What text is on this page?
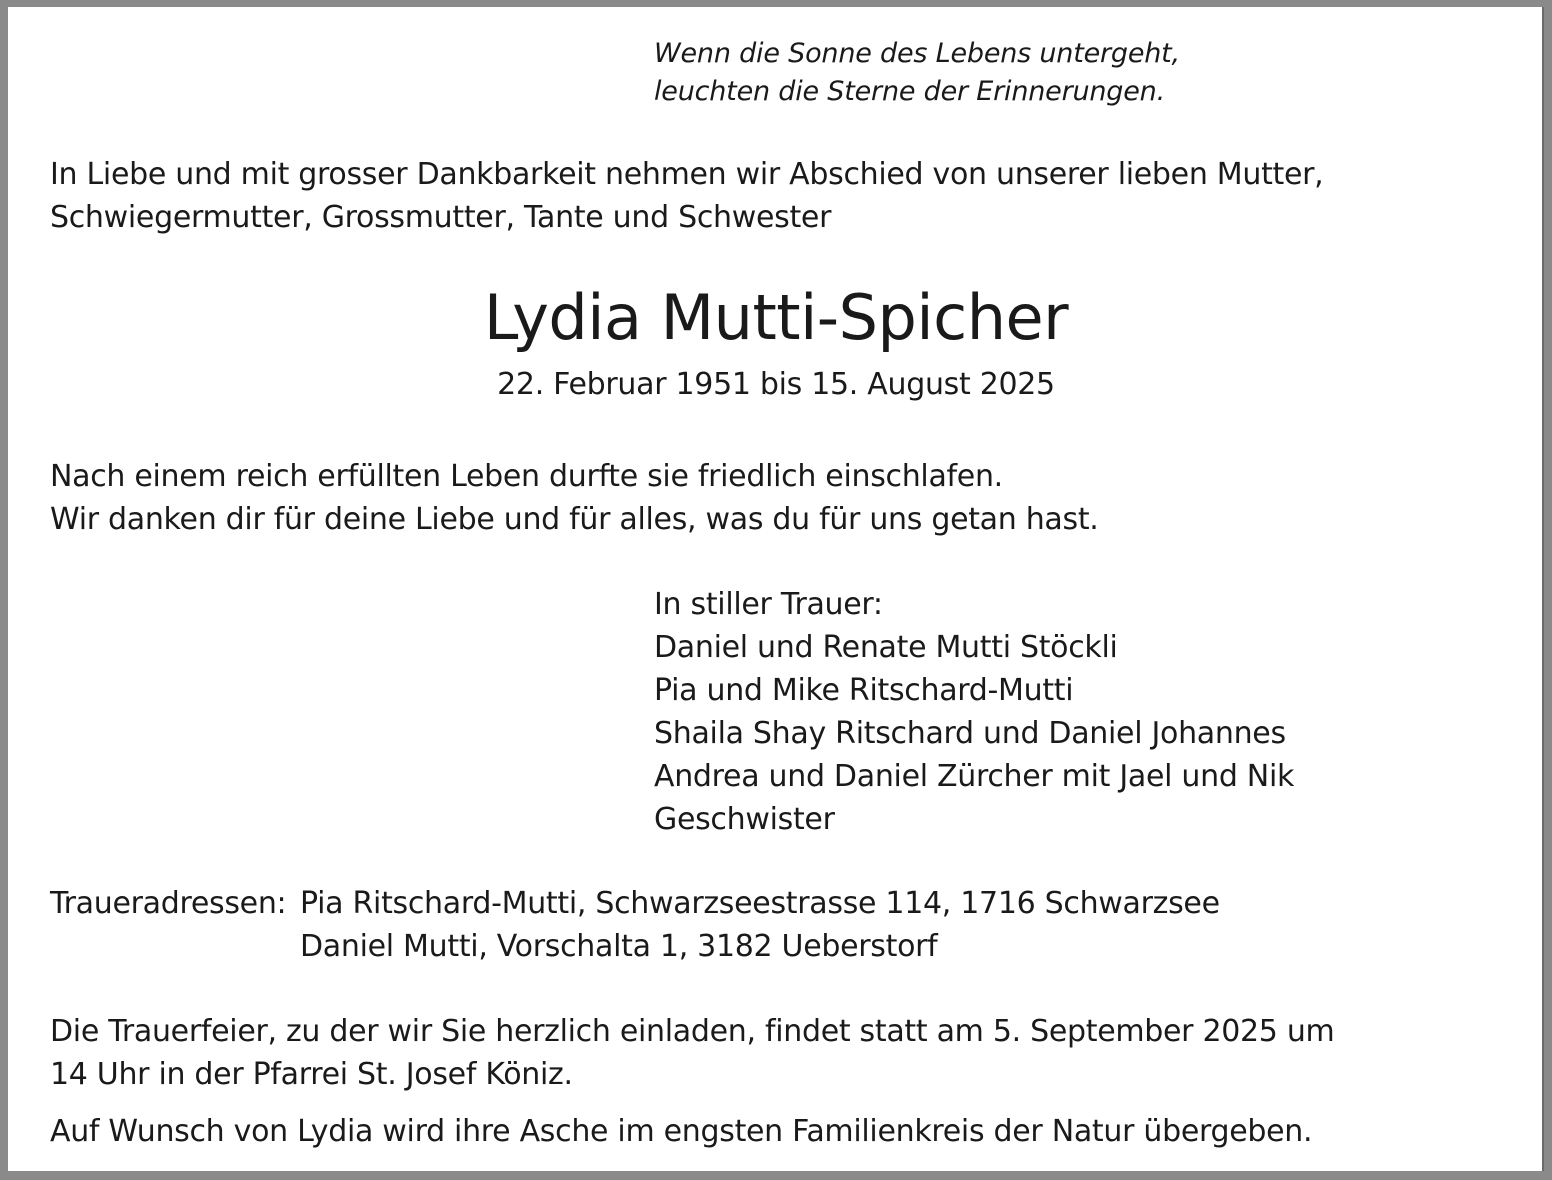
Wenn die Sonne des Lebens untergeht,
leuchten die Sterne der Erinnerungen.
In Liebe und mit grosser Dankbarkeit nehmen wir Abschied von unserer lieben Mutter,
Schwiegermutter, Grossmutter, Tante und Schwester
Lydia Mutti-Spicher
22. Februar 1951 bis 15. August 2025
Nach einem reich erfüllten Leben durfte sie friedlich einschlafen.
Wir danken dir für deine Liebe und für alles, was du für uns getan hast.
In stiller Trauer:
Daniel und Renate Mutti Stöckli
Pia und Mike Ritschard-Mutti
Shaila Shay Ritschard und Daniel Johannes
Andrea und Daniel Zürcher mit Jael und Nik
Geschwister
Traueradressen: Pia Ritschard-Mutti, Schwarzseestrasse 114, 1716 Schwarzsee
Daniel Mutti, Vorschalta 1, 3182 Ueberstorf
Die Trauerfeier, zu der wir Sie herzlich einladen, findet statt am 5. September 2025 um
14 Uhr in der Pfarrei St. Josef Köniz.
Auf Wunsch von Lydia wird ihre Asche im engsten Familienkreis der Natur übergeben.
